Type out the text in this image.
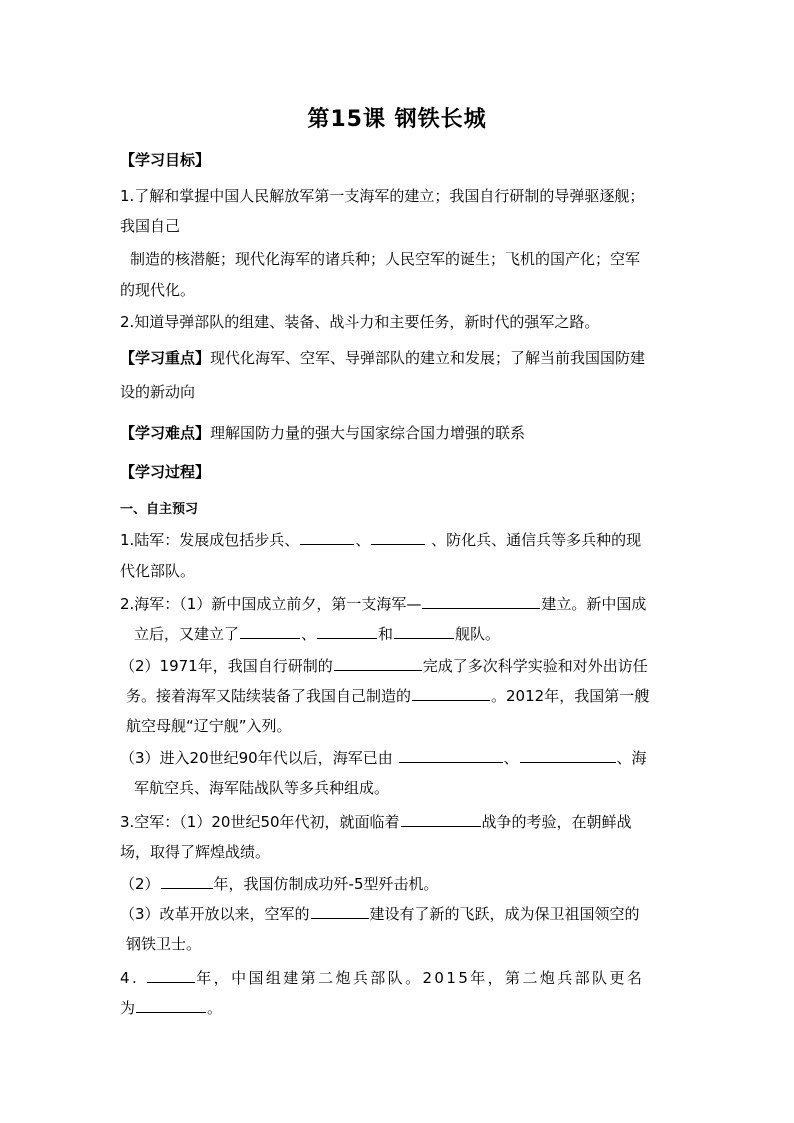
第15课 钢铁长城
【学习目标】
1.了解和掌握中国人民解放军第一支海军的建立；我国自行研制的导弹驱逐舰；
我国自己
制造的核潜艇；现代化海军的诸兵种；人民空军的诞生；飞机的国产化；空军
的现代化。
2.知道导弹部队的组建、装备、战斗力和主要任务，新时代的强军之路。
【学习重点】现代化海军、空军、导弹部队的建立和发展；了解当前我国国防建
设的新动向
【学习难点】理解国防力量的强大与国家综合国力增强的联系
【学习过程】
一、自主预习
1.陆军：发展成包括步兵、	、	、防化兵、通信兵等多兵种的现
代化部队。
2.海军：（1）新中国成立前夕，第一支海军—	建立。新中国成
立后，又建立了	、	和	舰队。
（2）1971年，我国自行研制的	完成了多次科学实验和对外出访任
务。接着海军又陆续装备了我国自己制造的	。2012年，我国第一艘
航空母舰“辽宁舰”入列。
（3）进入20世纪90年代以后，海军已由	、	、海
军航空兵、海军陆战队等多兵种组成。
3.空军：（1）20世纪50年代初，就面临着	战争的考验，在朝鲜战
场，取得了辉煌战绩。
（2）	年，我国仿制成功歼-5型歼击机。
（3）改革开放以来，空军的	建设有了新的飞跃，成为保卫祖国领空的
钢铁卫士。
4.	年，中国组建第二炮兵部队。2015年，第二炮兵部队更名
为	。
